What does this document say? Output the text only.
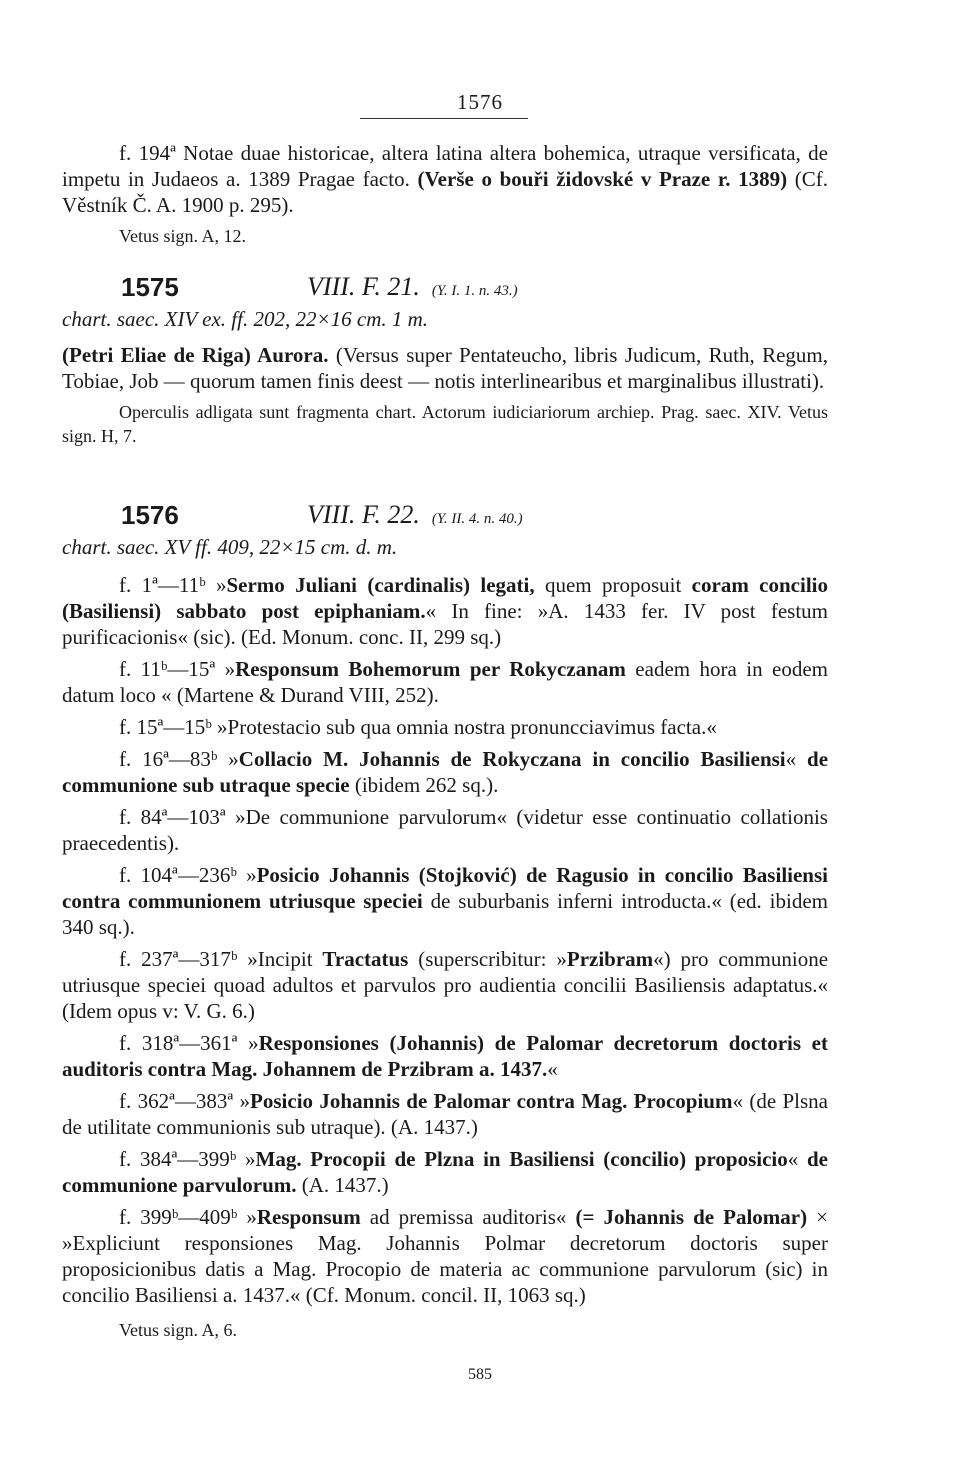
1576

f. 194ª Notae duae historicae, altera latina altera bohemica, utraque versificata, de impetu in Judaeos a. 1389 Pragae facto. (Verše o bouři židovské v Praze r. 1389) (Cf. Věstník Č. A. 1900 p. 295).

Vetus sign. A, 12.

1575	VIII. F. 21. (Y. I. 1. n. 43.)

chart. saec. XIV ex. ff. 202, 22×16 cm. 1 m.

(Petri Eliae de Riga) Aurora. (Versus super Pentateucho, libris Judicum, Ruth, Regum, Tobiae, Job — quorum tamen finis deest — notis interlinearibus et marginalibus illustrati).

Operculis adligata sunt fragmenta chart. Actorum iudiciariorum archiep. Prag. saec. XIV. Vetus sign. H, 7.

1576	VIII. F. 22. (Y. II. 4. n. 40.)

chart. saec. XV ff. 409, 22×15 cm. d. m.

f. 1ª—11ᵇ »Sermo Juliani (cardinalis) legati, quem proposuit coram concilio (Basiliensi) sabbato post epiphaniam.« In fine: »A. 1433 fer. IV post festum purificacionis« (sic). (Ed. Monum. conc. II, 299 sq.)

f. 11ᵇ—15ª »Responsum Bohemorum per Rokyczanam eadem hora in eodem datum loco « (Martene & Durand VIII, 252).

f. 15ª—15ᵇ »Protestacio sub qua omnia nostra pronuncciavimus facta.«

f. 16ª—83ᵇ »Collacio M. Johannis de Rokyczana in concilio Basiliensi« de communione sub utraque specie (ibidem 262 sq.).

f. 84ª—103ª »De communione parvulorum« (videtur esse continuatio collationis praecedentis).

f. 104ª—236ᵇ »Posicio Johannis (Stojković) de Ragusio in concilio Basiliensi contra communionem utriusque speciei de suburbanis inferni introducta.« (ed. ibidem 340 sq.).

f. 237ª—317ᵇ »Incipit Tractatus (superscribitur: »Przibram«) pro communione utriusque speciei quoad adultos et parvulos pro audientia concilii Basiliensis adaptatus.« (Idem opus v: V. G. 6.)

f. 318ª—361ª »Responsiones (Johannis) de Palomar decretorum doctoris et auditoris contra Mag. Johannem de Przibram a. 1437.«

f. 362ª—383ª »Posicio Johannis de Palomar contra Mag. Procopium« (de Plsna de utilitate communionis sub utraque). (A. 1437.)

f. 384ª—399ᵇ »Mag. Procopii de Plzna in Basiliensi (concilio) proposicio« de communione parvulorum. (A. 1437.)

f. 399ᵇ—409ᵇ »Responsum ad premissa auditoris« (= Johannis de Palomar) × »Expliciunt responsiones Mag. Johannis Polmar decretorum doctoris super proposicionibus datis a Mag. Procopio de materia ac communione parvulorum (sic) in concilio Basiliensi a. 1437.« (Cf. Monum. concil. II, 1063 sq.)

Vetus sign. A, 6.

585
